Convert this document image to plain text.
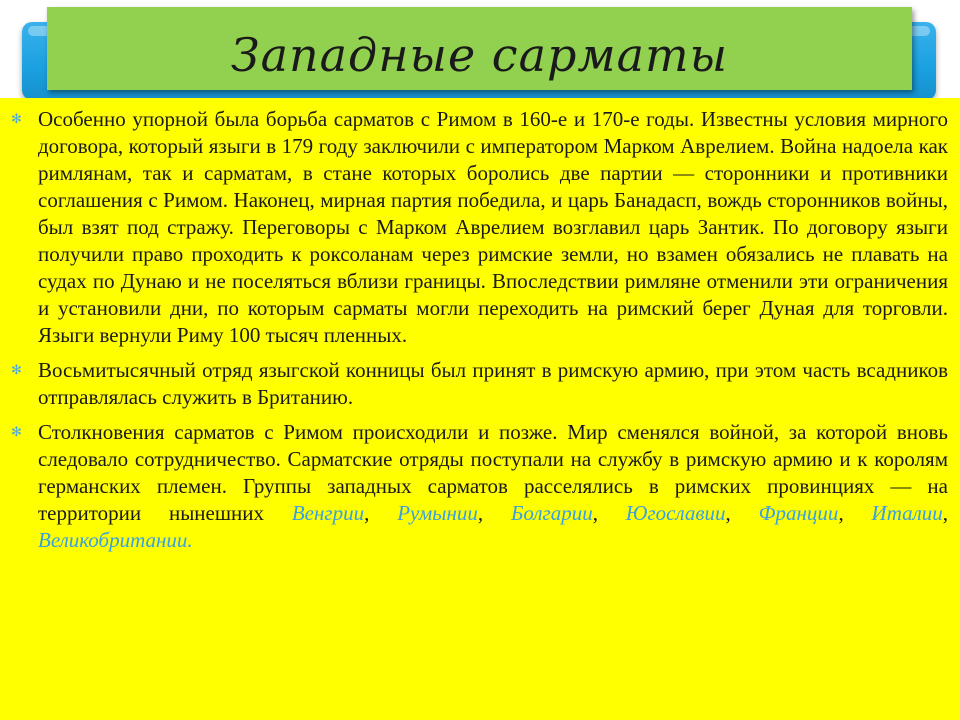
Западные сарматы
✻ Особенно упорной была борьба сарматов с Римом в 160-е и 170-е годы. Известны условия мирного договора, который языги в 179 году заключили с императором Марком Аврелием. Война надоела как римлянам, так и сарматам, в стане которых боролись две партии — сторонники и противники соглашения с Римом. Наконец, мирная партия победила, и царь Банадасп, вождь сторонников войны, был взят под стражу. Переговоры с Марком Аврелием возглавил царь Зантик. По договору языги получили право проходить к роксоланам через римские земли, но взамен обязались не плавать на судах по Дунаю и не поселяться вблизи границы. Впоследствии римляне отменили эти ограничения и установили дни, по которым сарматы могли переходить на римский берег Дуная для торговли. Языги вернули Риму 100 тысяч пленных.
✻ Восьмитысячный отряд языгской конницы был принят в римскую армию, при этом часть всадников отправлялась служить в Британию.
✻ Столкновения сарматов с Римом происходили и позже. Мир сменялся войной, за которой вновь следовало сотрудничество. Сарматские отряды поступали на службу в римскую армию и к королям германских племен. Группы западных сарматов расселялись в римских провинциях — на территории нынешних Венгрии, Румынии, Болгарии, Югославии, Франции, Италии, Великобритании.
